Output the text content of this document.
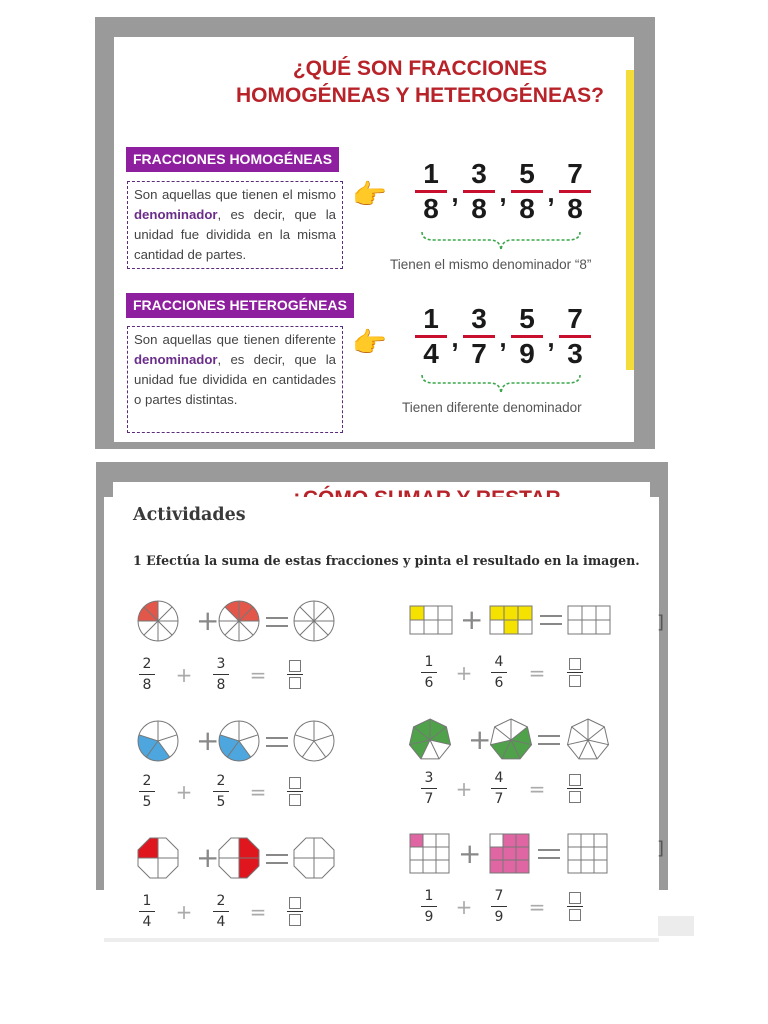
¿QUÉ SON FRACCIONES
HOMOGÉNEAS Y HETEROGÉNEAS?
FRACCIONES HOMOGÉNEAS
Son aquellas que tienen el mismo denominador, es decir, que la unidad fue dividida en la misma cantidad de partes.
👉 $\frac{1}{8}$ , $\frac{3}{8}$ , $\frac{5}{8}$ , $\frac{7}{8}$
Tienen el mismo denominador “8”
FRACCIONES HETEROGÉNEAS
Son aquellas que tienen diferente denominador, es decir, que la unidad fue dividida en cantidades o partes distintas.
👉 $\frac{1}{4}$ , $\frac{3}{7}$ , $\frac{5}{9}$ , $\frac{7}{3}$
Tienen diferente denominador
Actividades

1 Efectúa la suma de estas fracciones y pinta el resultado en la imagen.

]
]
+	+
+	+
+	+
2
8	+	3
8	=
1
6	+	4
6	=
2
5	+	2
5	=
3
7	+	4
7	=
1
4	+	2
4	=
1
9	+	7
9	=
